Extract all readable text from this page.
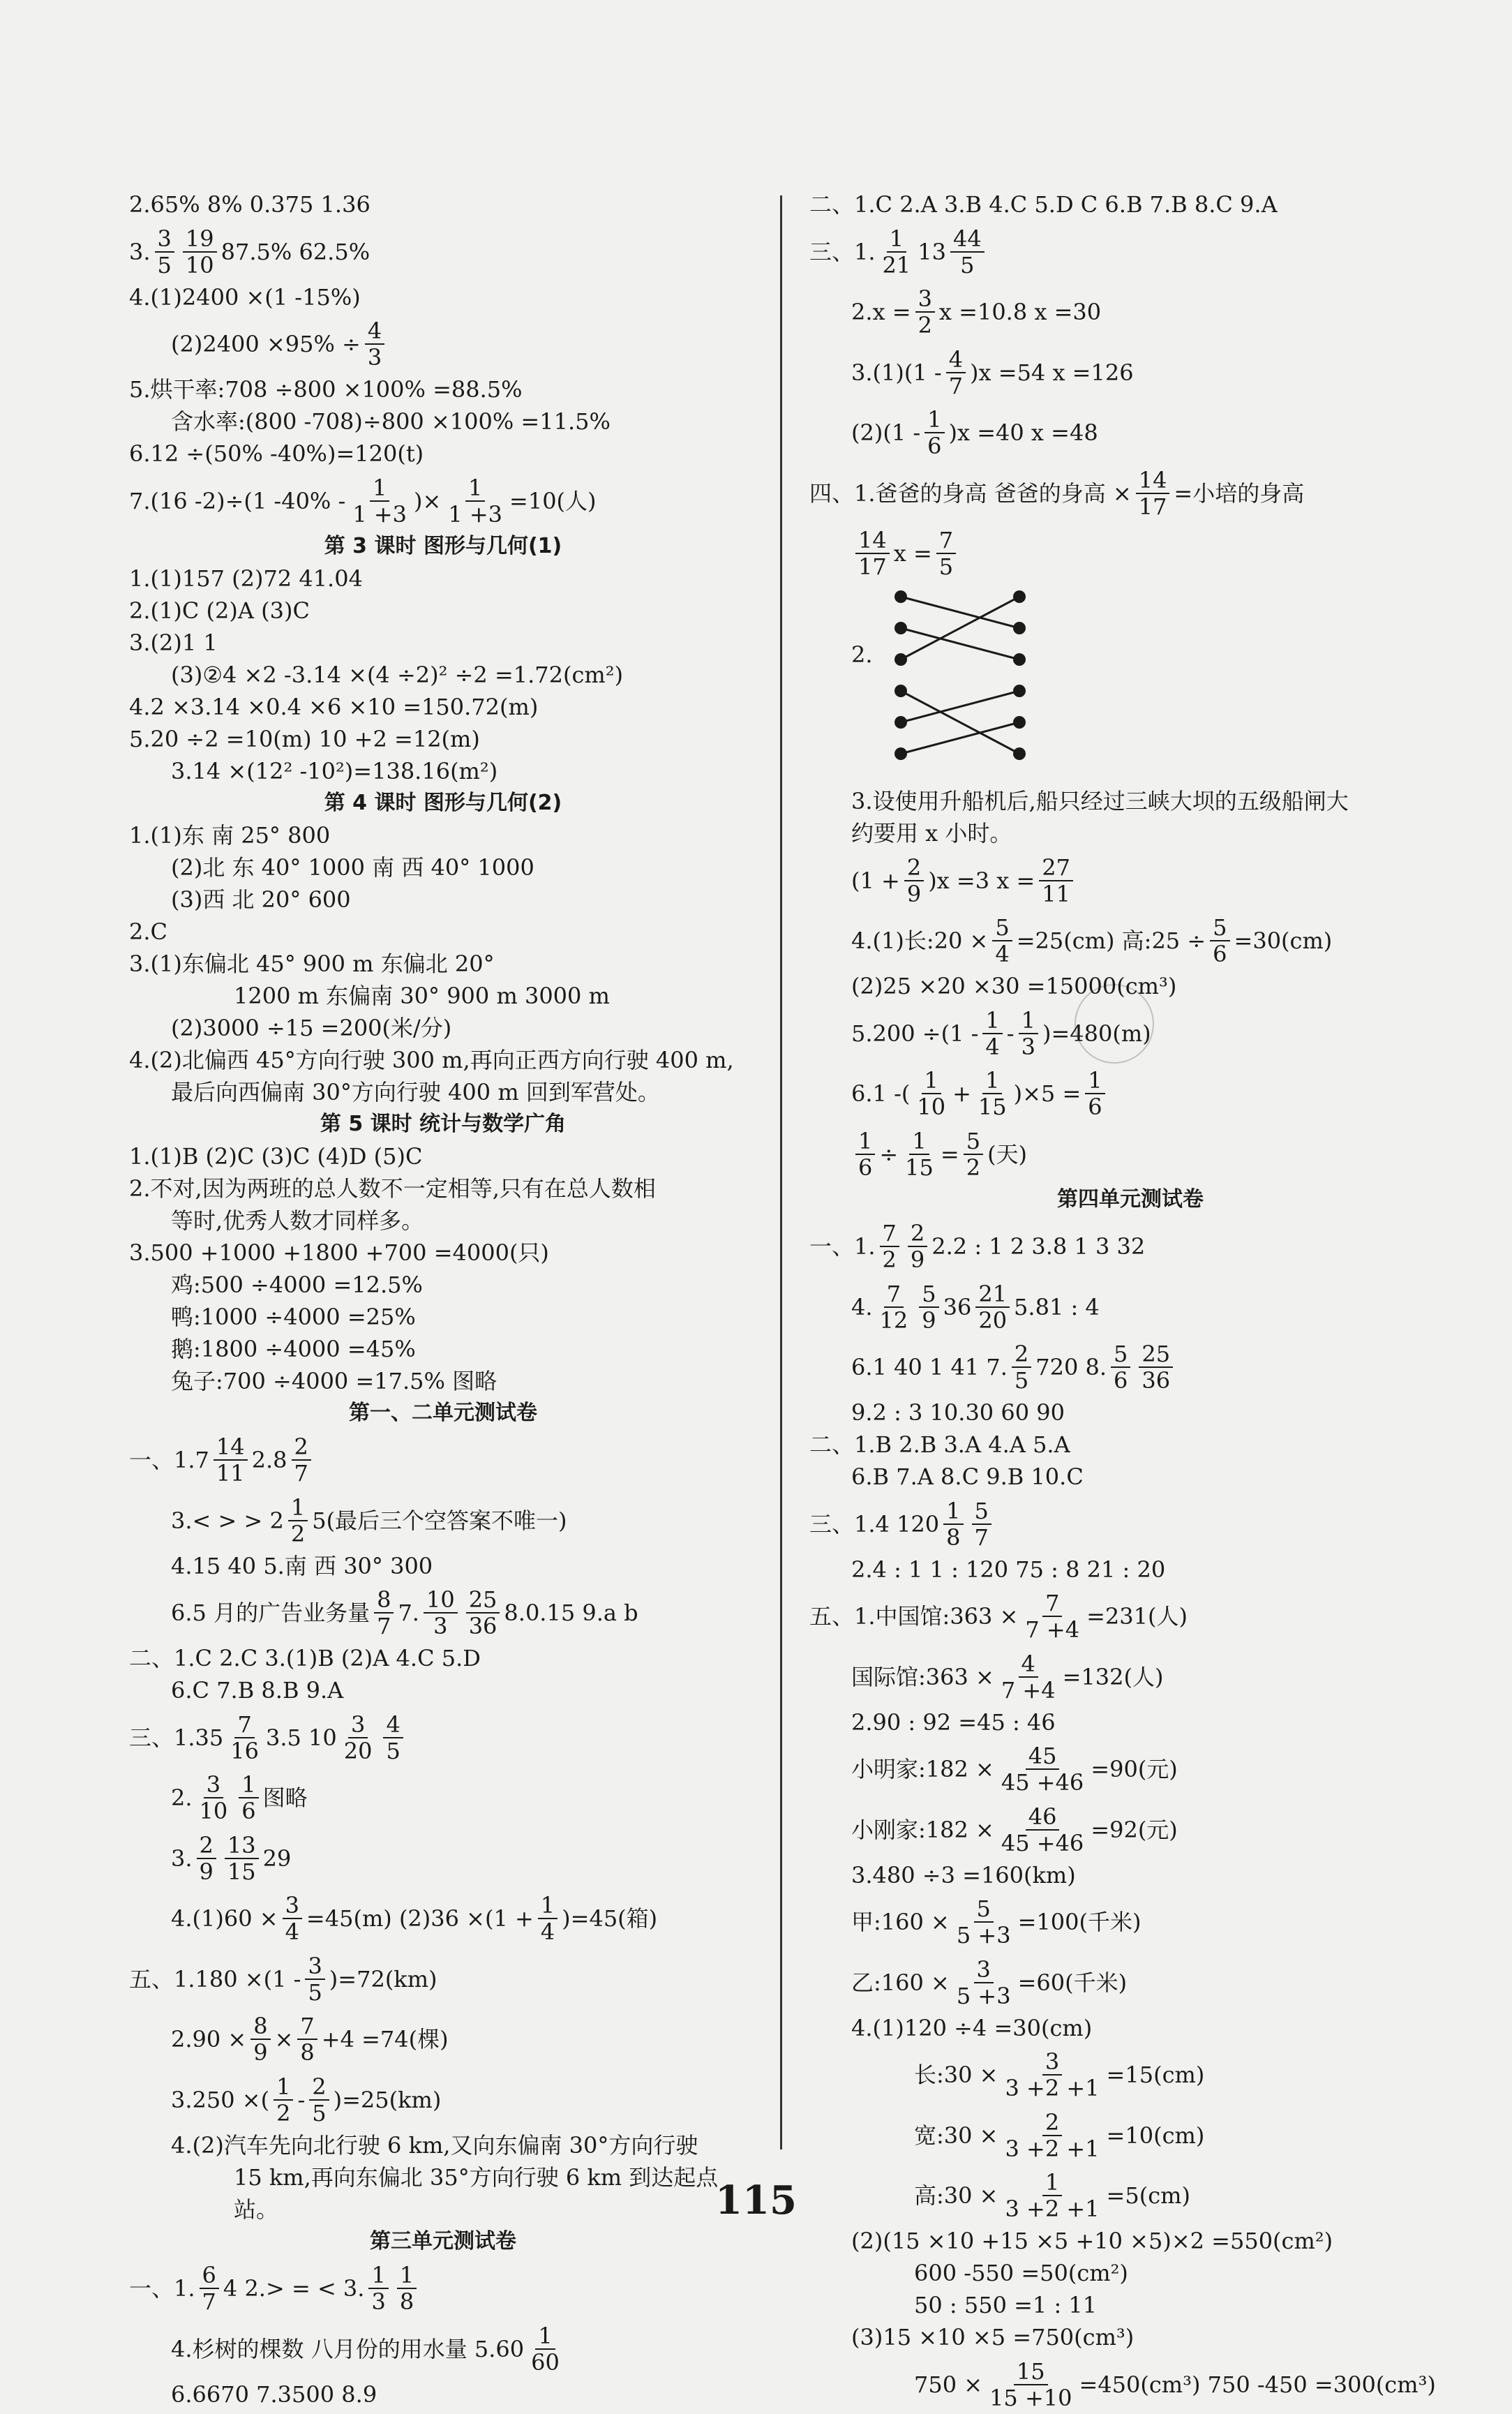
2.65% 8% 0.375 1.36
3. $\frac{3}{5} \frac{19}{10} 87.5\%$ 62.5%
4.(1)2400 ×(1 -15%)
$(2)2400 \times 95\% \div \frac{4}{3}$
5.烘干率:708 ÷800 ×100% =88.5%
含水率:(800 -708)÷800 ×100% =11.5%
6.12 ÷(50% -40%)=120(t)
7.(16 -2)÷(1 $-40\% - \frac{1}{1 +3}$ )× $\frac{1}{1 +3} =10$(人)
第 3 课时 图形与几何(1)
1.(1)157 (2)72 41.04
2.(1)C (2)A (3)C
3.(2)1 1
(3)②4 ×2 -3.14 ×(4 ÷2)² ÷2 =1.72(cm²)
4.2 ×3.14 ×0.4 ×6 ×10 =150.72(m)
5.20 ÷2 =10(m) 10 +2 =12(m)
3.14 ×(12² -10²)=138.16(m²)
第 4 课时 图形与几何(2)
1.(1)东 南 25° 800
(2)北 东 40° 1000 南 西 40° 1000
(3)西 北 20° 600
2.C
3.(1)东偏北 45° 900 m 东偏北 20°
1200 m 东偏南 30° 900 m 3000 m
(2)3000 ÷15 =200(米/分)
4.(2)北偏西 45°方向行驶 300 m,再向正西方向行驶 400 m,
最后向西偏南 30°方向行驶 400 m 回到军营处。
第 5 课时 统计与数学广角
1.(1)B (2)C (3)C (4)D (5)C
2.不对,因为两班的总人数不一定相等,只有在总人数相
等时,优秀人数才同样多。
3.500 +1000 +1800 +700 =4000(只)
鸡:500 ÷4000 =12.5%
鸭:1000 ÷4000 =25%
鹅:1800 ÷4000 =45%
兔子:700 ÷4000 =17.5% 图略
第一、二单元测试卷
一、$1.7 \frac{14}{11} 2.8 \frac{2}{7}$
3.< > > $2 \frac{1}{2} 5$(最后三个空答案不唯一)
4.15 40 5.南 西 30° 300
6.5 月的广告业务量 $\frac{8}{7} 7$. $\frac{10}{3} \frac{25}{36} 8.0.15$ 9.a b
二、1.C 2.C 3.(1)B (2)A 4.C 5.D
6.C 7.B 8.B 9.A
三、$1.35 \frac{7}{16} 3.5$ $10 \frac{3}{20} \frac{4}{5}$
2. $\frac{3}{10} \frac{1}{6}$ 图略
3. $\frac{2}{9} \frac{13}{15} 29$
$4.(1)60 \times \frac{3}{4} =45(m)$ $(2)36 \times(1 + \frac{1}{4} )=45$(箱)
五、$1.180 \times(1 - \frac{3}{5} )=72(km)$
$2.90 \times \frac{8}{9} \times \frac{7}{8} +4 =74$(棵)
3.250 ×( $\frac{1}{2} - \frac{2}{5} )=25(km)$
4.(2)汽车先向北行驶 6 km,又向东偏南 30°方向行驶
15 km,再向东偏北 35°方向行驶 6 km 到达起点
站。
第三单元测试卷
一、1. $\frac{6}{7} 4$ 2.> = < 3. $\frac{1}{3} \frac{1}{8}$
4.杉树的棵数 八月份的用水量 $5.60 \frac{1}{60}$
6.6670 7.3500 8.9
二、1.C 2.A 3.B 4.C 5.D C 6.B 7.B 8.C 9.A
三、1. $\frac{1}{21} 13 \frac{44}{5}$
$2.x = \frac{3}{2}$ x =10.8 x =30
$3.(1)(1 - \frac{4}{7} )x =54$ x =126
$(2)(1 - \frac{1}{6} )x =40$ x =48
四、1.爸爸的身高 爸爸的身高 × $\frac{14}{17}$ =小培的身高
$\frac{14}{17}$ $x = \frac{7}{5}$
2.
3.设使用升船机后,船只经过三峡大坝的五级船闸大
约要用 x 小时。
$(1 + \frac{2}{9} )x =3$ $x = \frac{27}{11}$
4.(1)长:20 × $\frac{5}{4} =25(cm)$ 高:25 ÷ $\frac{5}{6} =30(cm)$
(2)25 ×20 ×30 =15000(cm³)
$5.200 \div(1 - \frac{1}{4} - \frac{1}{3} )=480(m)$
6.1 -( $\frac{1}{10} + \frac{1}{15} )\times 5 = \frac{1}{6}$
$\frac{1}{6} \div \frac{1}{15} = \frac{5}{2}$ (天)
第四单元测试卷
一、1. $\frac{7}{2} \frac{2}{9} 2.2$ : 1 2 3.8 1 3 32
4. $\frac{7}{12} \frac{5}{9} 36 \frac{21}{20} 5.81$ : 4
6.1 40 1 41 7. $\frac{2}{5} 720$ 8. $\frac{5}{6} \frac{25}{36}$
9.2 : 3 10.30 60 90
二、1.B 2.B 3.A 4.A 5.A
6.B 7.A 8.C 9.B 10.C
三、1.4 $120 \frac{1}{8} \frac{5}{7}$
2.4 : 1 1 : 120 75 : 8 21 : 20
五、1.中国馆:363 × $\frac{7}{7 +4} =231$(人)
国际馆:363 × $\frac{4}{7 +4} =132$(人)
2.90 : 92 =45 : 46
小明家:182 × $\frac{45}{45 +46} =90$(元)
小刚家:182 × $\frac{46}{45 +46} =92$(元)
3.480 ÷3 =160(km)
甲:160 × $\frac{5}{5 +3} =100$(千米)
乙:160 × $\frac{3}{5 +3} =60$(千米)
4.(1)120 ÷4 =30(cm)
长:30 × $\frac{3}{3 +2 +1} =15(cm)$
宽:30 × $\frac{2}{3 +2 +1} =10(cm)$
高:30 × $\frac{1}{3 +2 +1} =5(cm)$
(2)(15 ×10 +15 ×5 +10 ×5)×2 =550(cm²)
600 -550 =50(cm²)
50 : 550 =1 : 11
(3)15 ×10 ×5 =750(cm³)
$750 \times \frac{15}{15 +10} =450(cm^3)$ 750 -450 =300(cm³)
115
